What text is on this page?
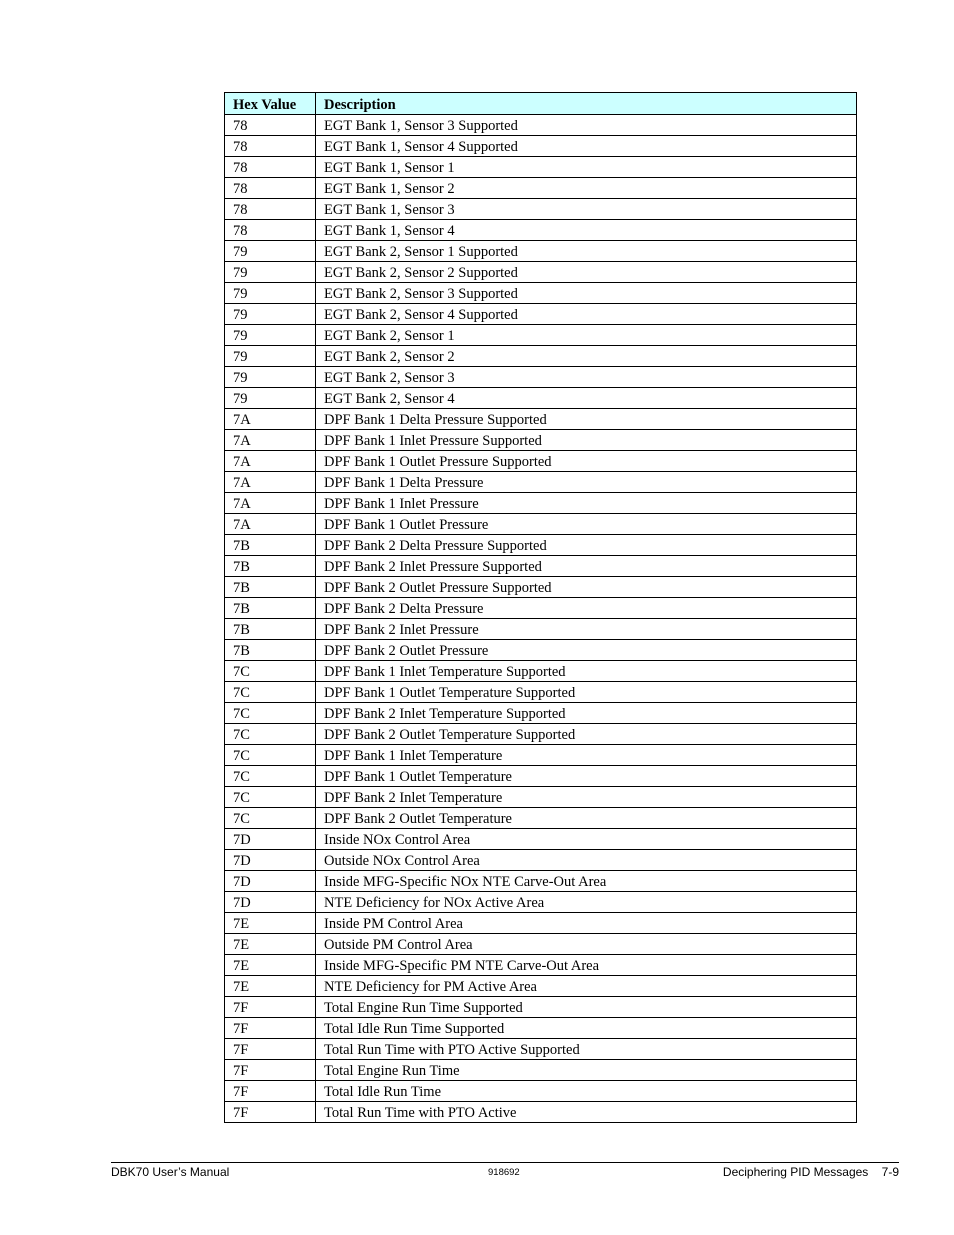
Hex Value	Description
78	EGT Bank 1, Sensor 3 Supported
78	EGT Bank 1, Sensor 4 Supported
78	EGT Bank 1, Sensor 1
78	EGT Bank 1, Sensor 2
78	EGT Bank 1, Sensor 3
78	EGT Bank 1, Sensor 4
79	EGT Bank 2, Sensor 1 Supported
79	EGT Bank 2, Sensor 2 Supported
79	EGT Bank 2, Sensor 3 Supported
79	EGT Bank 2, Sensor 4 Supported
79	EGT Bank 2, Sensor 1
79	EGT Bank 2, Sensor 2
79	EGT Bank 2, Sensor 3
79	EGT Bank 2, Sensor 4
7A	DPF Bank 1 Delta Pressure Supported
7A	DPF Bank 1 Inlet Pressure Supported
7A	DPF Bank 1 Outlet Pressure Supported
7A	DPF Bank 1 Delta Pressure
7A	DPF Bank 1 Inlet Pressure
7A	DPF Bank 1 Outlet Pressure
7B	DPF Bank 2 Delta Pressure Supported
7B	DPF Bank 2 Inlet Pressure Supported
7B	DPF Bank 2 Outlet Pressure Supported
7B	DPF Bank 2 Delta Pressure
7B	DPF Bank 2 Inlet Pressure
7B	DPF Bank 2 Outlet Pressure
7C	DPF Bank 1 Inlet Temperature Supported
7C	DPF Bank 1 Outlet Temperature Supported
7C	DPF Bank 2 Inlet Temperature Supported
7C	DPF Bank 2 Outlet Temperature Supported
7C	DPF Bank 1 Inlet Temperature
7C	DPF Bank 1 Outlet Temperature
7C	DPF Bank 2 Inlet Temperature
7C	DPF Bank 2 Outlet Temperature
7D	Inside NOx Control Area
7D	Outside NOx Control Area
7D	Inside MFG-Specific NOx NTE Carve-Out Area
7D	NTE Deficiency for NOx Active Area
7E	Inside PM Control Area
7E	Outside PM Control Area
7E	Inside MFG-Specific PM NTE Carve-Out Area
7E	NTE Deficiency for PM Active Area
7F	Total Engine Run Time Supported
7F	Total Idle Run Time Supported
7F	Total Run Time with PTO Active Supported
7F	Total Engine Run Time
7F	Total Idle Run Time
7F	Total Run Time with PTO Active
DBK70 User’s Manual	918692	Deciphering PID Messages    7-9
